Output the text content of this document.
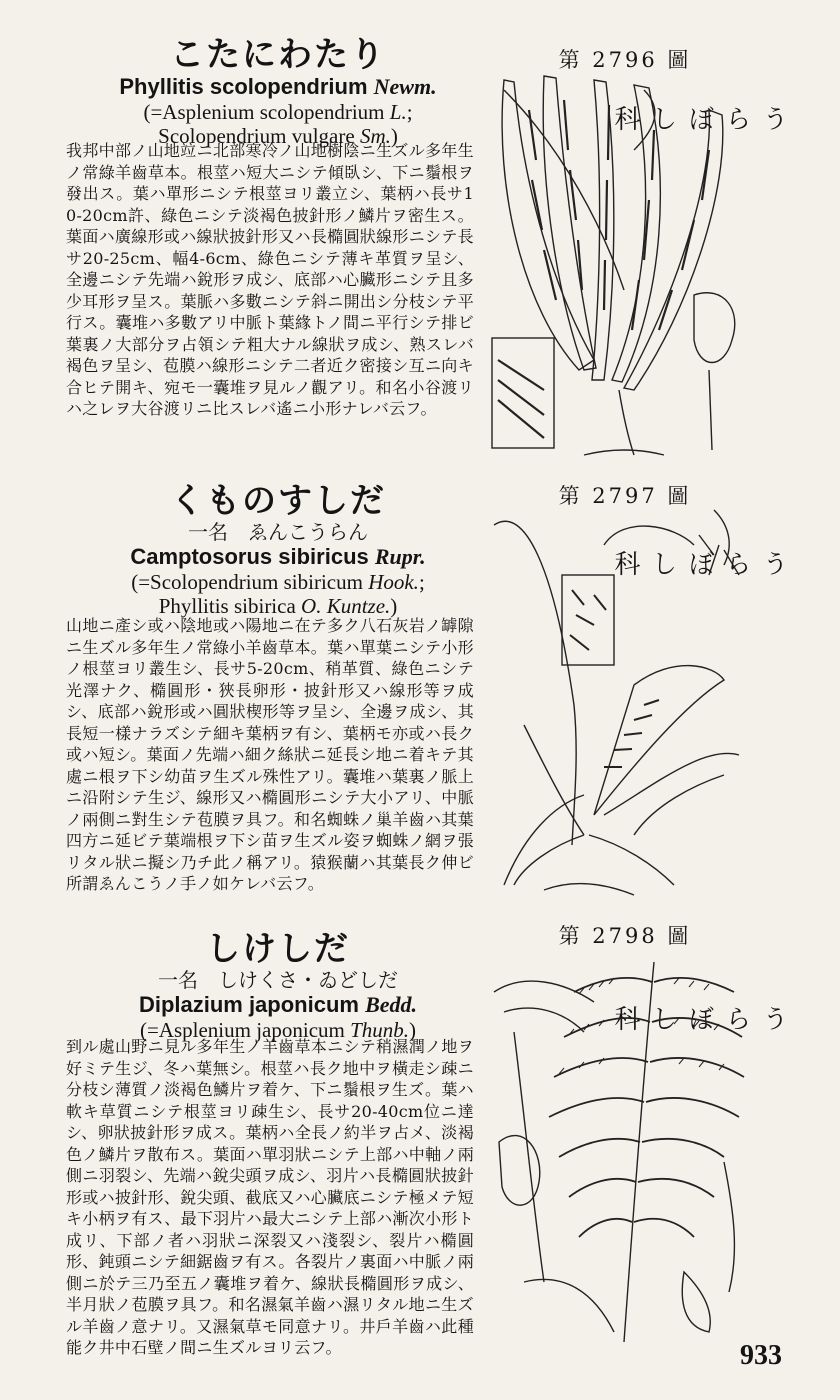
こたにわたり
Phyllitis scolopendrium Newm.
(=Asplenium scolopendrium L.;
Scolopendrium vulgare Sm.)
我邦中部ノ山地竝ニ北部寒冷ノ山地樹陰ニ生ズル多年生ノ常綠羊齒草本。根莖ハ短大ニシテ傾臥シ、下ニ鬚根ヲ發出ス。葉ハ單形ニシテ根莖ヨリ叢立シ、葉柄ハ長サ10-20cm許、綠色ニシテ淡褐色披針形ノ鱗片ヲ密生ス。葉面ハ廣線形或ハ線狀披針形又ハ長橢圓狀線形ニシテ長サ20-25cm、幅4-6cm、綠色ニシテ薄キ革質ヲ呈シ、全邊ニシテ先端ハ銳形ヲ成シ、底部ハ心臟形ニシテ且多少耳形ヲ呈ス。葉脈ハ多數ニシテ斜ニ開出シ分枝シテ平行ス。囊堆ハ多數アリ中脈ト葉緣トノ間ニ平行シテ排ビ葉裏ノ大部分ヲ占領シテ粗大ナル線狀ヲ成シ、熟スレバ褐色ヲ呈シ、苞膜ハ線形ニシテ二者近ク密接シ互ニ向キ合ヒテ開キ、宛モ一囊堆ヲ見ルノ觀アリ。和名小谷渡リハ之レヲ大谷渡リニ比スレバ遙ニ小形ナレバ云フ。
第 2796 圖
うらぼし科
くものすしだ
一名　ゑんこうらん
Camptosorus sibiricus Rupr.
(=Scolopendrium sibiricum Hook.;
Phyllitis sibirica O. Kuntze.)
山地ニ產シ或ハ陰地或ハ陽地ニ在テ多ク八石灰岩ノ罅隙ニ生ズル多年生ノ常綠小羊齒草本。葉ハ單葉ニシテ小形ノ根莖ヨリ叢生シ、長サ5-20cm、稍革質、綠色ニシテ光澤ナク、橢圓形・狹長卵形・披針形又ハ線形等ヲ成シ、底部ハ銳形或ハ圓狀楔形等ヲ呈シ、全邊ヲ成シ、其長短一樣ナラズシテ細キ葉柄ヲ有シ、葉柄モ亦或ハ長ク或ハ短シ。葉面ノ先端ハ細ク絲狀ニ延長シ地ニ着キテ其處ニ根ヲ下シ幼苗ヲ生ズル殊性アリ。囊堆ハ葉裏ノ脈上ニ沿附シテ生ジ、線形又ハ橢圓形ニシテ大小アリ、中脈ノ兩側ニ對生シテ苞膜ヲ具フ。和名蜘蛛ノ巢羊齒ハ其葉四方ニ延ビテ葉端根ヲ下シ苗ヲ生ズル姿ヲ蜘蛛ノ網ヲ張リタル狀ニ擬シ乃チ此ノ稱アリ。猿猴蘭ハ其葉長ク伸ビ所謂ゑんこうノ手ノ如ケレバ云フ。
第 2797 圖
うらぼし科
しけしだ
一名　しけくさ・ゐどしだ
Diplazium japonicum Bedd.
(=Asplenium japonicum Thunb.)
到ル處山野ニ見ル多年生ノ羊齒草本ニシテ稍濕潤ノ地ヲ好ミテ生ジ、冬ハ葉無シ。根莖ハ長ク地中ヲ橫走シ疎ニ分枝シ薄質ノ淡褐色鱗片ヲ着ケ、下ニ鬚根ヲ生ズ。葉ハ軟キ草質ニシテ根莖ヨリ疎生シ、長サ20-40cm位ニ達シ、卵狀披針形ヲ成ス。葉柄ハ全長ノ約半ヲ占メ、淡褐色ノ鱗片ヲ散布ス。葉面ハ單羽狀ニシテ上部ハ中軸ノ兩側ニ羽裂シ、先端ハ銳尖頭ヲ成シ、羽片ハ長橢圓狀披針形或ハ披針形、銳尖頭、截底又ハ心臟底ニシテ極メテ短キ小柄ヲ有ス、最下羽片ハ最大ニシテ上部ハ漸次小形ト成リ、下部ノ者ハ羽狀ニ深裂又ハ淺裂シ、裂片ハ橢圓形、鈍頭ニシテ細鋸齒ヲ有ス。各裂片ノ裏面ハ中脈ノ兩側ニ於テ三乃至五ノ囊堆ヲ着ケ、線狀長橢圓形ヲ成シ、半月狀ノ苞膜ヲ具フ。和名濕氣羊齒ハ濕リタル地ニ生ズル羊齒ノ意ナリ。又濕氣草モ同意ナリ。井戶羊齒ハ此種能ク井中石壁ノ間ニ生ズルヨリ云フ。
第 2798 圖
うらぼし科
933
